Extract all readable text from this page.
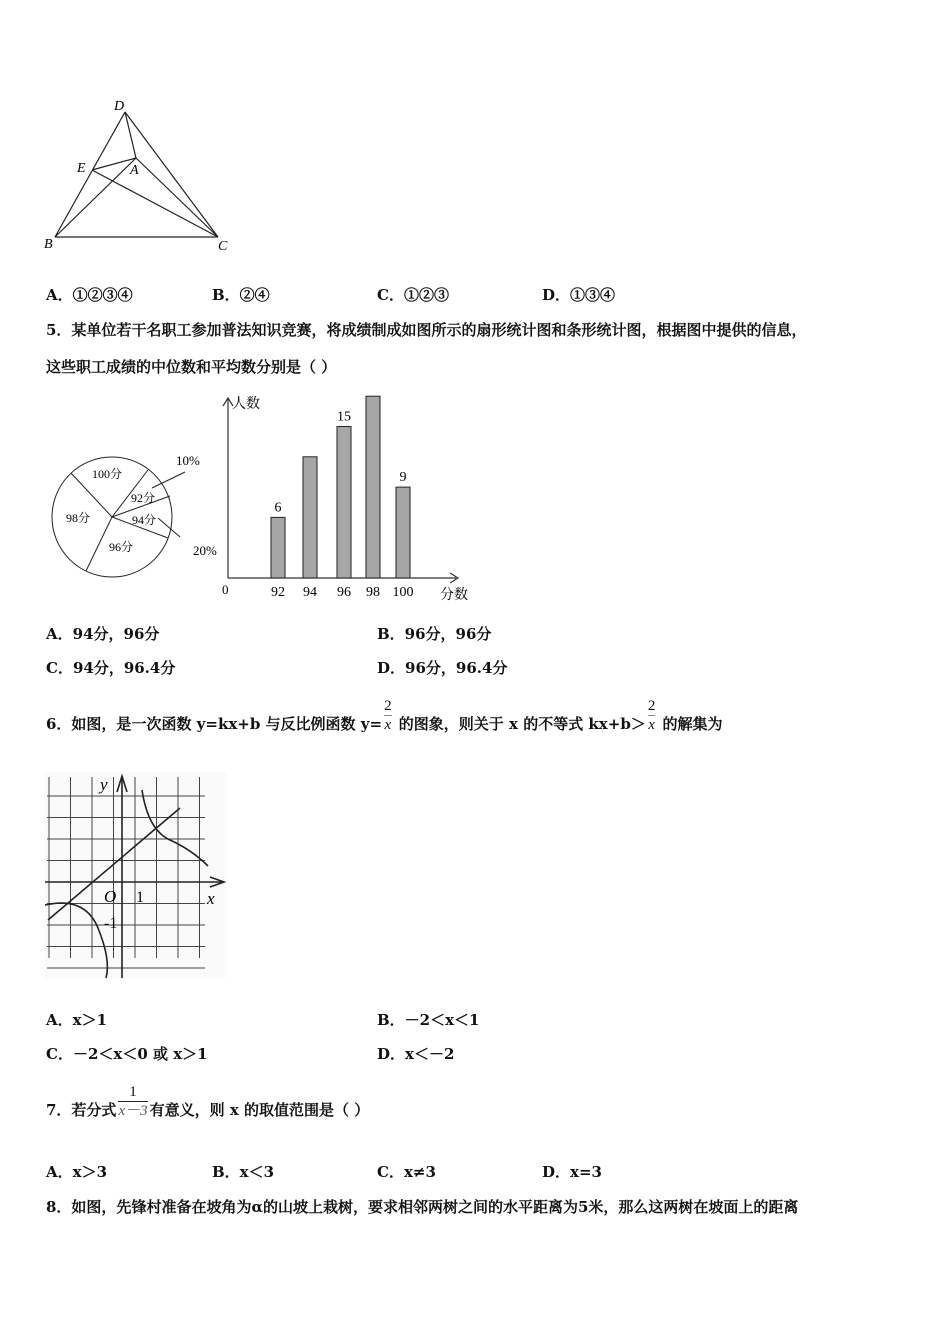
D
E	A
B	C
100分
92分
94分
98分
96分
10%
20%
92
6
94 96
15
98 100
9
人数
分数
0
y
x
O 1
-1
A．①②③④	B．②④	C．①②③	D．①③④
5．某单位若干名职工参加普法知识竞赛，将成绩制成如图所示的扇形统计图和条形统计图，根据图中提供的信息，
这些职工成绩的中位数和平均数分别是（ ）
A．94分，96分	B．96分，96分
C．94分，96.4分	D．96分，96.4分
6．如图，是一次函数 y=kx+b 与反比例函数 $y= \frac{2}{x}$ 的图象，则关于 x 的不等式 $kx+b> \frac{2}{x}$ 的解集为
A．x＞1	B．－2＜x＜1
C．－2＜x＜0 或 x＞1	D．x＜－2
7．若分式 $\frac{1}{x-3}$ 有意义，则 x 的取值范围是（ ）
A．x＞3	B．x＜3	C．x≠3	D．x=3
8．如图，先锋村准备在坡角为α的山坡上栽树，要求相邻两树之间的水平距离为5米，那么这两树在坡面上的距离
